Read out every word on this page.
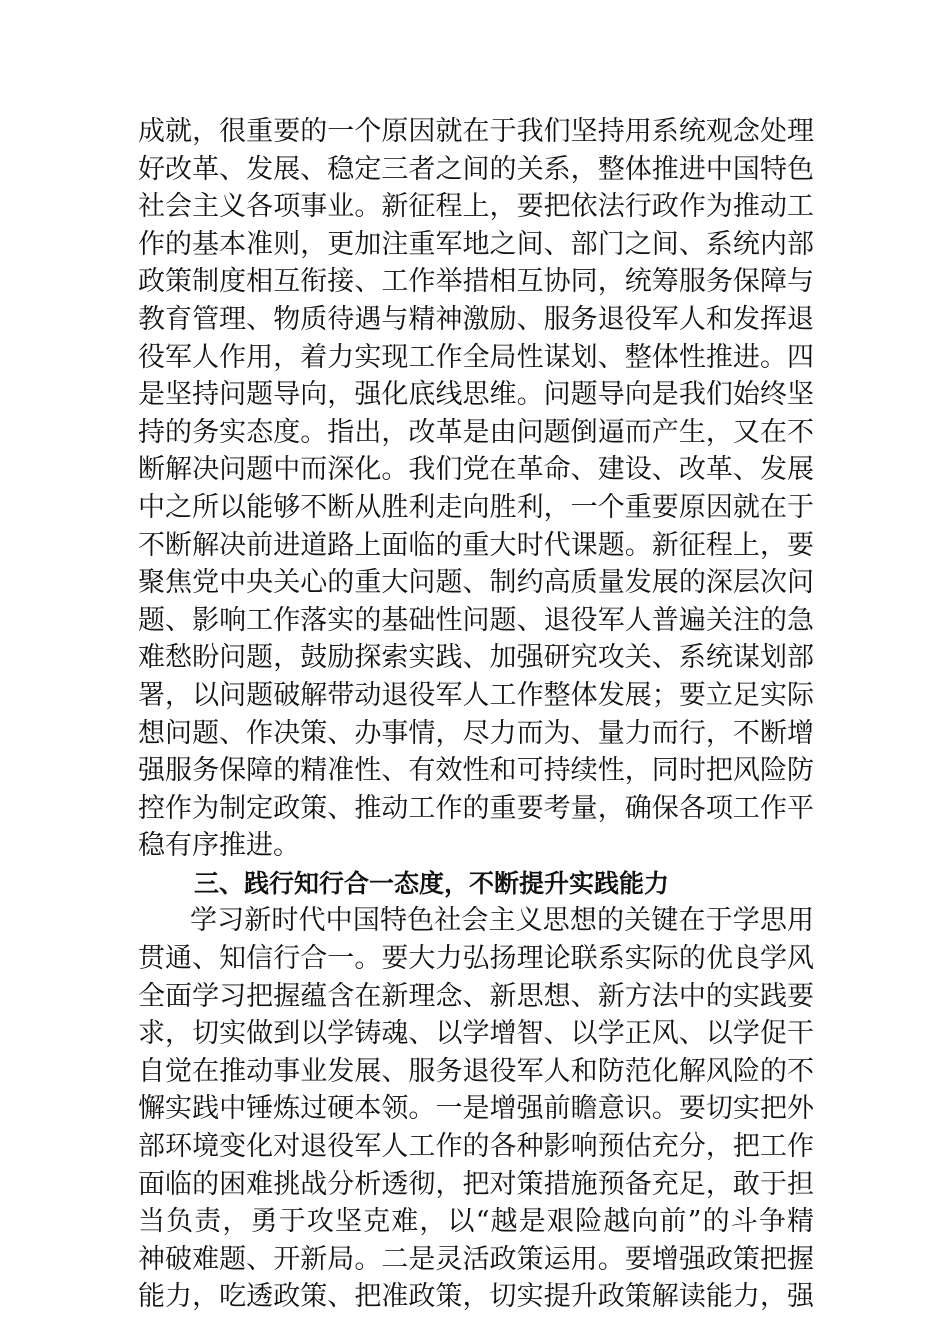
成就，很重要的一个原因就在于我们坚持用系统观念处理
好改革、发展、稳定三者之间的关系，整体推进中国特色
社会主义各项事业。新征程上，要把依法行政作为推动工
作的基本准则，更加注重军地之间、部门之间、系统内部
政策制度相互衔接、工作举措相互协同，统筹服务保障与
教育管理、物质待遇与精神激励、服务退役军人和发挥退
役军人作用，着力实现工作全局性谋划、整体性推进。四
是坚持问题导向，强化底线思维。问题导向是我们始终坚
持的务实态度。指出，改革是由问题倒逼而产生，又在不
断解决问题中而深化。我们党在革命、建设、改革、发展
中之所以能够不断从胜利走向胜利，一个重要原因就在于
不断解决前进道路上面临的重大时代课题。新征程上，要
聚焦党中央关心的重大问题、制约高质量发展的深层次问
题、影响工作落实的基础性问题、退役军人普遍关注的急
难愁盼问题，鼓励探索实践、加强研究攻关、系统谋划部
署，以问题破解带动退役军人工作整体发展；要立足实际
想问题、作决策、办事情，尽力而为、量力而行，不断增
强服务保障的精准性、有效性和可持续性，同时把风险防
控作为制定政策、推动工作的重要考量，确保各项工作平
稳有序推进。
三、践行知行合一态度，不断提升实践能力
学习新时代中国特色社会主义思想的关键在于学思用
贯通、知信行合一。要大力弘扬理论联系实际的优良学风
全面学习把握蕴含在新理念、新思想、新方法中的实践要
求，切实做到以学铸魂、以学增智、以学正风、以学促干
自觉在推动事业发展、服务退役军人和防范化解风险的不
懈实践中锤炼过硬本领。一是增强前瞻意识。要切实把外
部环境变化对退役军人工作的各种影响预估充分，把工作
面临的困难挑战分析透彻，把对策措施预备充足，敢于担
当负责，勇于攻坚克难，以“越是艰险越向前”的斗争精
神破难题、开新局。二是灵活政策运用。要增强政策把握
能力，吃透政策、把准政策，切实提升政策解读能力，强
